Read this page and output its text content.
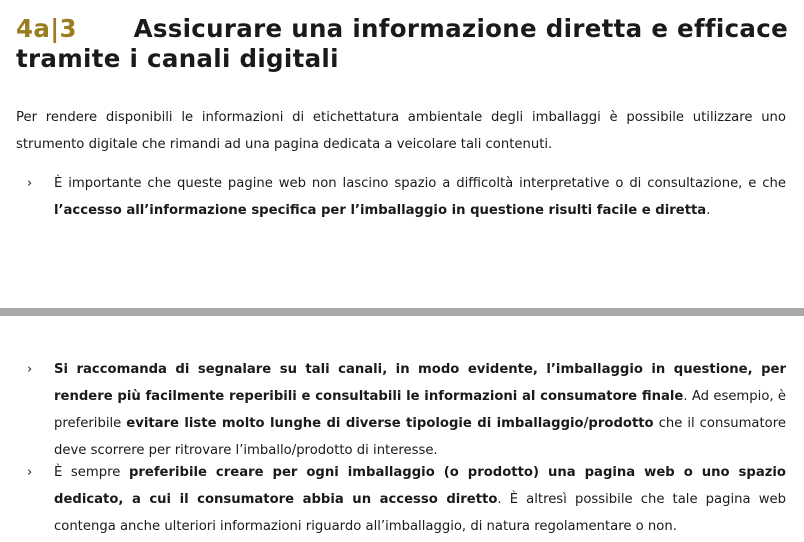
4a|3 Assicurare una informazione diretta e efficace
tramite i canali digitali

Per rendere disponibili le informazioni di etichettatura ambientale degli imballaggi è possibile utilizzare uno strumento digitale che rimandi ad una pagina dedicata a veicolare tali contenuti.

› È importante che queste pagine web non lascino spazio a difficoltà interpretative o di consultazione, e che l’accesso all’informazione specifica per l’imballaggio in questione risulti facile e diretta.

› Si raccomanda di segnalare su tali canali, in modo evidente, l’imballaggio in questione, per rendere più facilmente reperibili e consultabili le informazioni al consumatore finale. Ad esempio, è preferibile evitare liste molto lunghe di diverse tipologie di imballaggio/prodotto che il consumatore deve scorrere per ritrovare l’imballo/prodotto di interesse.

› È sempre preferibile creare per ogni imballaggio (o prodotto) una pagina web o uno spazio dedicato, a cui il consumatore abbia un accesso diretto. È altresì possibile che tale pagina web contenga anche ulteriori informazioni riguardo all’imballaggio, di natura regolamentare o non.
